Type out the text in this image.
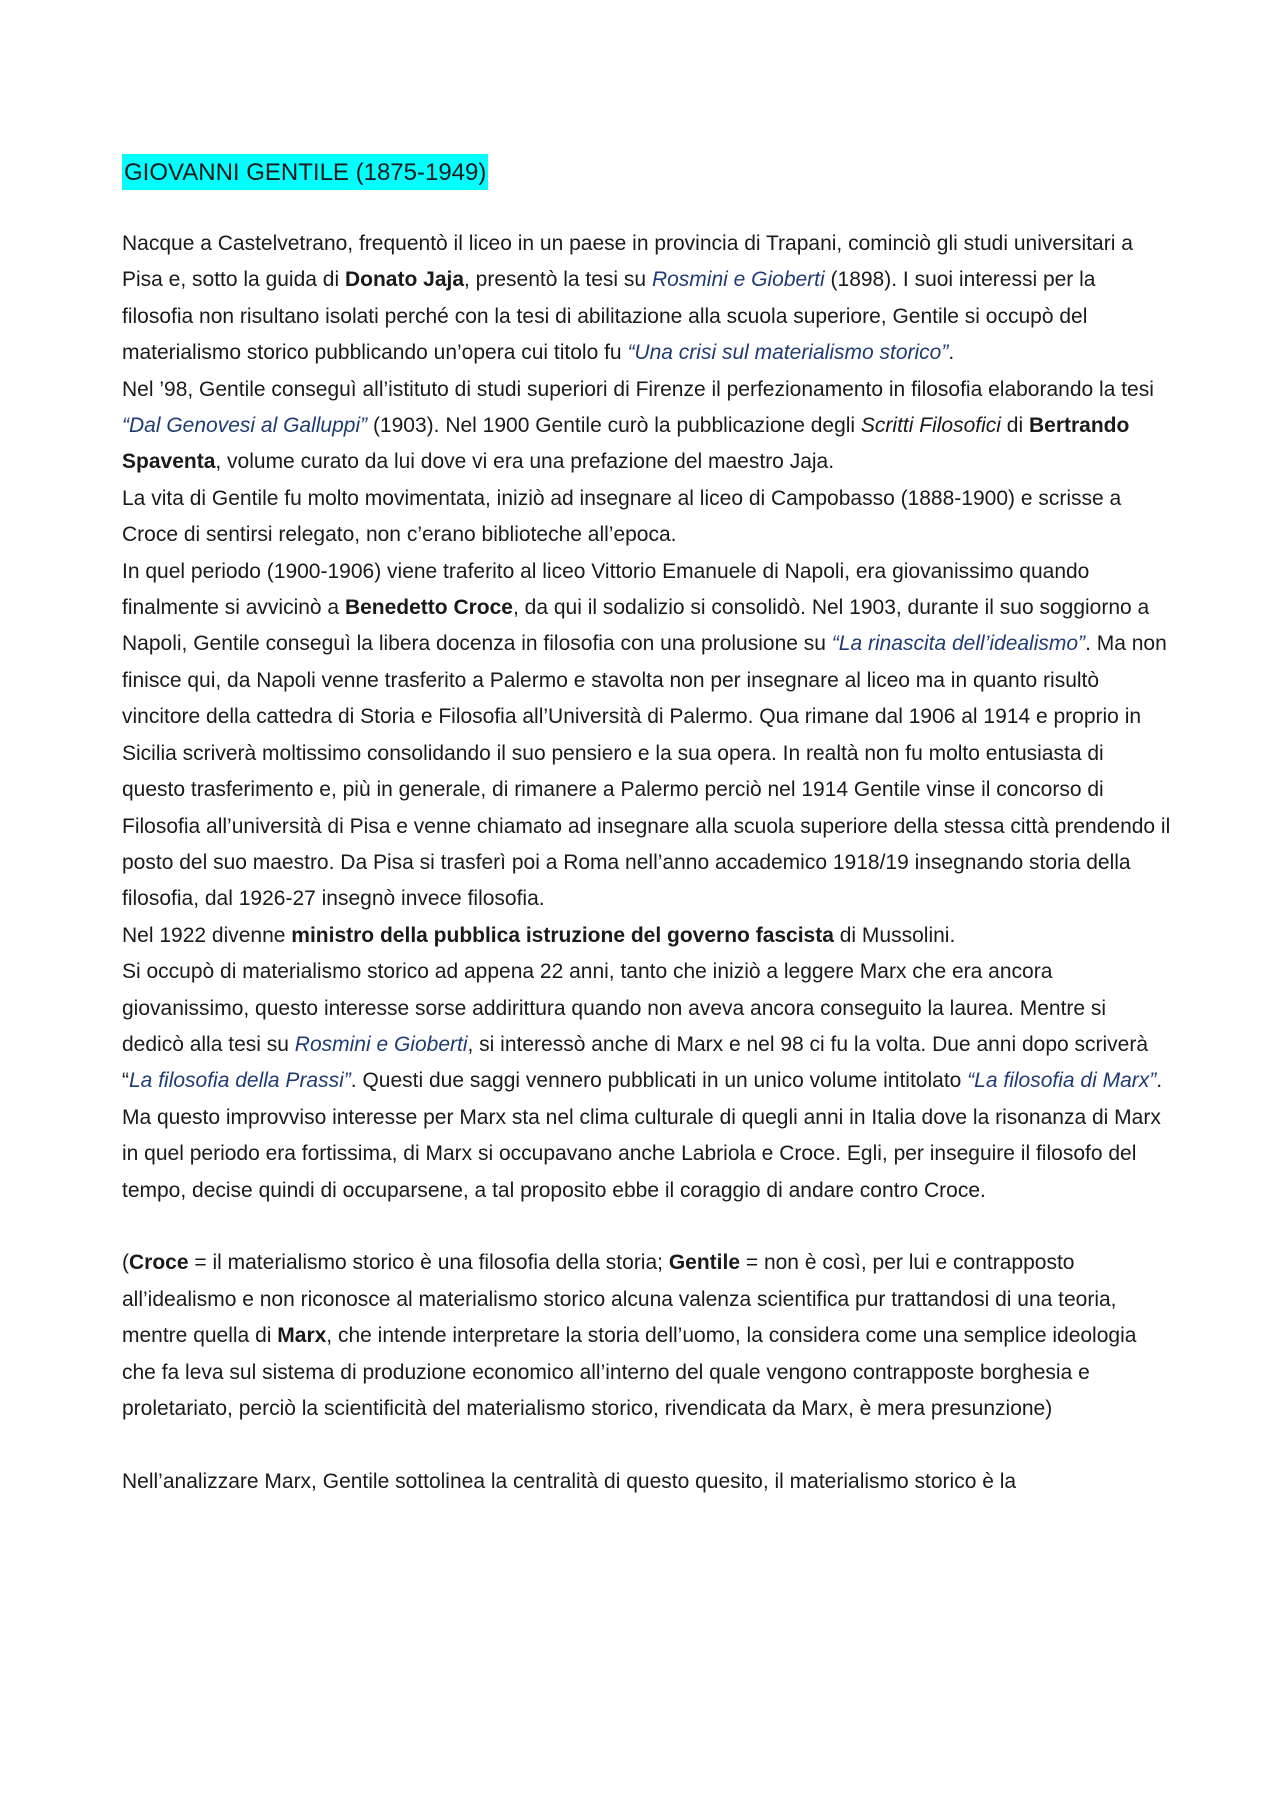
GIOVANNI GENTILE (1875-1949)

Nacque a Castelvetrano, frequentò il liceo in un paese in provincia di Trapani, cominciò gli studi universitari a Pisa e, sotto la guida di Donato Jaja, presentò la tesi su Rosmini e Gioberti (1898). I suoi interessi per la filosofia non risultano isolati perché con la tesi di abilitazione alla scuola superiore, Gentile si occupò del materialismo storico pubblicando un’opera cui titolo fu “Una crisi sul materialismo storico”.

Nel ’98, Gentile conseguì all’istituto di studi superiori di Firenze il perfezionamento in filosofia elaborando la tesi “Dal Genovesi al Galluppi” (1903). Nel 1900 Gentile curò la pubblicazione degli Scritti Filosofici di Bertrando Spaventa, volume curato da lui dove vi era una prefazione del maestro Jaja.

La vita di Gentile fu molto movimentata, iniziò ad insegnare al liceo di Campobasso (1888-1900) e scrisse a Croce di sentirsi relegato, non c’erano biblioteche all’epoca.

In quel periodo (1900-1906) viene traferito al liceo Vittorio Emanuele di Napoli, era giovanissimo quando finalmente si avvicinò a Benedetto Croce, da qui il sodalizio si consolidò. Nel 1903, durante il suo soggiorno a Napoli, Gentile conseguì la libera docenza in filosofia con una prolusione su “La rinascita dell’idealismo”. Ma non finisce qui, da Napoli venne trasferito a Palermo e stavolta non per insegnare al liceo ma in quanto risultò vincitore della cattedra di Storia e Filosofia all’Università di Palermo. Qua rimane dal 1906 al 1914 e proprio in Sicilia scriverà moltissimo consolidando il suo pensiero e la sua opera. In realtà non fu molto entusiasta di questo trasferimento e, più in generale, di rimanere a Palermo perciò nel 1914 Gentile vinse il concorso di Filosofia all’università di Pisa e venne chiamato ad insegnare alla scuola superiore della stessa città prendendo il posto del suo maestro. Da Pisa si trasferì poi a Roma nell’anno accademico 1918/19 insegnando storia della filosofia, dal 1926-27 insegnò invece filosofia.

Nel 1922 divenne ministro della pubblica istruzione del governo fascista di Mussolini.

Si occupò di materialismo storico ad appena 22 anni, tanto che iniziò a leggere Marx che era ancora giovanissimo, questo interesse sorse addirittura quando non aveva ancora conseguito la laurea. Mentre si dedicò alla tesi su Rosmini e Gioberti, si interessò anche di Marx e nel 98 ci fu la volta. Due anni dopo scriverà “La filosofia della Prassi”. Questi due saggi vennero pubblicati in un unico volume intitolato “La filosofia di Marx”. Ma questo improvviso interesse per Marx sta nel clima culturale di quegli anni in Italia dove la risonanza di Marx in quel periodo era fortissima, di Marx si occupavano anche Labriola e Croce. Egli, per inseguire il filosofo del tempo, decise quindi di occuparsene, a tal proposito ebbe il coraggio di andare contro Croce.

(Croce = il materialismo storico è una filosofia della storia; Gentile = non è così, per lui e contrapposto all’idealismo e non riconosce al materialismo storico alcuna valenza scientifica pur trattandosi di una teoria, mentre quella di Marx, che intende interpretare la storia dell’uomo, la considera come una semplice ideologia che fa leva sul sistema di produzione economico all’interno del quale vengono contrapposte borghesia e proletariato, perciò la scientificità del materialismo storico, rivendicata da Marx, è mera presunzione)

Nell’analizzare Marx, Gentile sottolinea la centralità di questo quesito, il materialismo storico è la
